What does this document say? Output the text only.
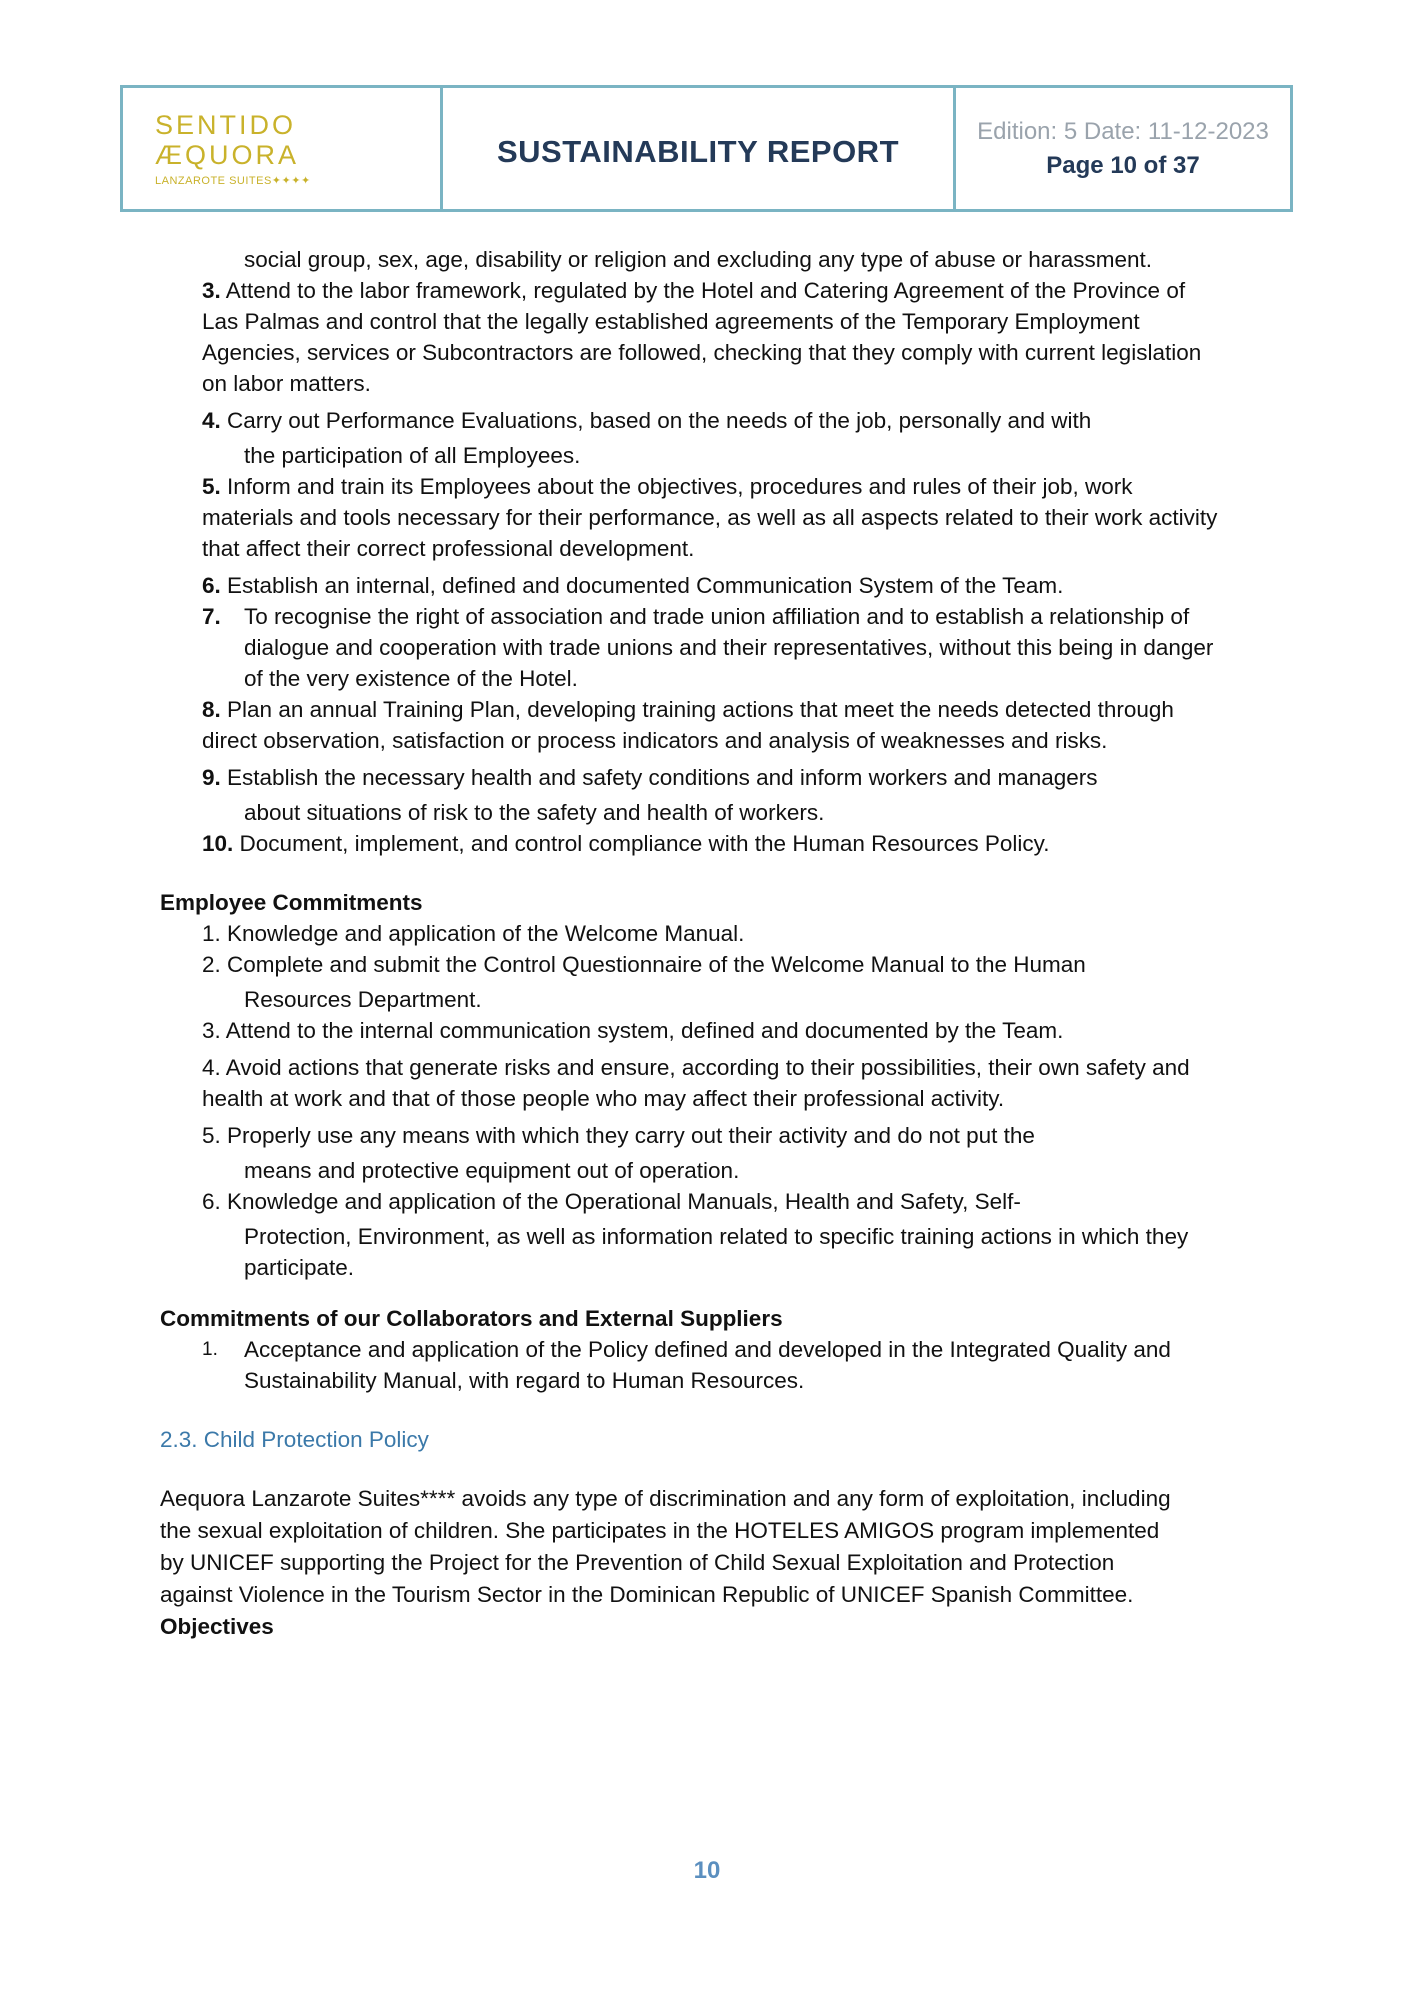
SENTIDO ÆQUORA
LANZAROTE SUITES✦✦✦✦
SUSTAINABILITY REPORT
Edition: 5 Date: 11-12-2023
Page 10 of 37

social group, sex, age, disability or religion and excluding any type of abuse or harassment.

3. Attend to the labor framework, regulated by the Hotel and Catering Agreement of the Province of Las Palmas and control that the legally established agreements of the Temporary Employment Agencies, services or Subcontractors are followed, checking that they comply with current legislation on labor matters.

4. Carry out Performance Evaluations, based on the needs of the job, personally and with

the participation of all Employees.

5. Inform and train its Employees about the objectives, procedures and rules of their job, work materials and tools necessary for their performance, as well as all aspects related to their work activity that affect their correct professional development.

6. Establish an internal, defined and documented Communication System of the Team.

7.	To recognise the right of association and trade union affiliation and to establish a relationship of dialogue and cooperation with trade unions and their representatives, without this being in danger of the very existence of the Hotel.

8. Plan an annual Training Plan, developing training actions that meet the needs detected through direct observation, satisfaction or process indicators and analysis of weaknesses and risks.

9. Establish the necessary health and safety conditions and inform workers and managers

about situations of risk to the safety and health of workers.

10. Document, implement, and control compliance with the Human Resources Policy.

Employee Commitments

1. Knowledge and application of the Welcome Manual.

2. Complete and submit the Control Questionnaire of the Welcome Manual to the Human

Resources Department.

3. Attend to the internal communication system, defined and documented by the Team.

4. Avoid actions that generate risks and ensure, according to their possibilities, their own safety and health at work and that of those people who may affect their professional activity.

5. Properly use any means with which they carry out their activity and do not put the

means and protective equipment out of operation.

6. Knowledge and application of the Operational Manuals, Health and Safety, Self-

Protection, Environment, as well as information related to specific training actions in which they participate.

Commitments of our Collaborators and External Suppliers

1.	Acceptance and application of the Policy defined and developed in the Integrated Quality and Sustainability Manual, with regard to Human Resources.

2.3. Child Protection Policy

Aequora Lanzarote Suites**** avoids any type of discrimination and any form of exploitation, including the sexual exploitation of children. She participates in the HOTELES AMIGOS program implemented by UNICEF supporting the Project for the Prevention of Child Sexual Exploitation and Protection against Violence in the Tourism Sector in the Dominican Republic of UNICEF Spanish Committee. Objectives

10
